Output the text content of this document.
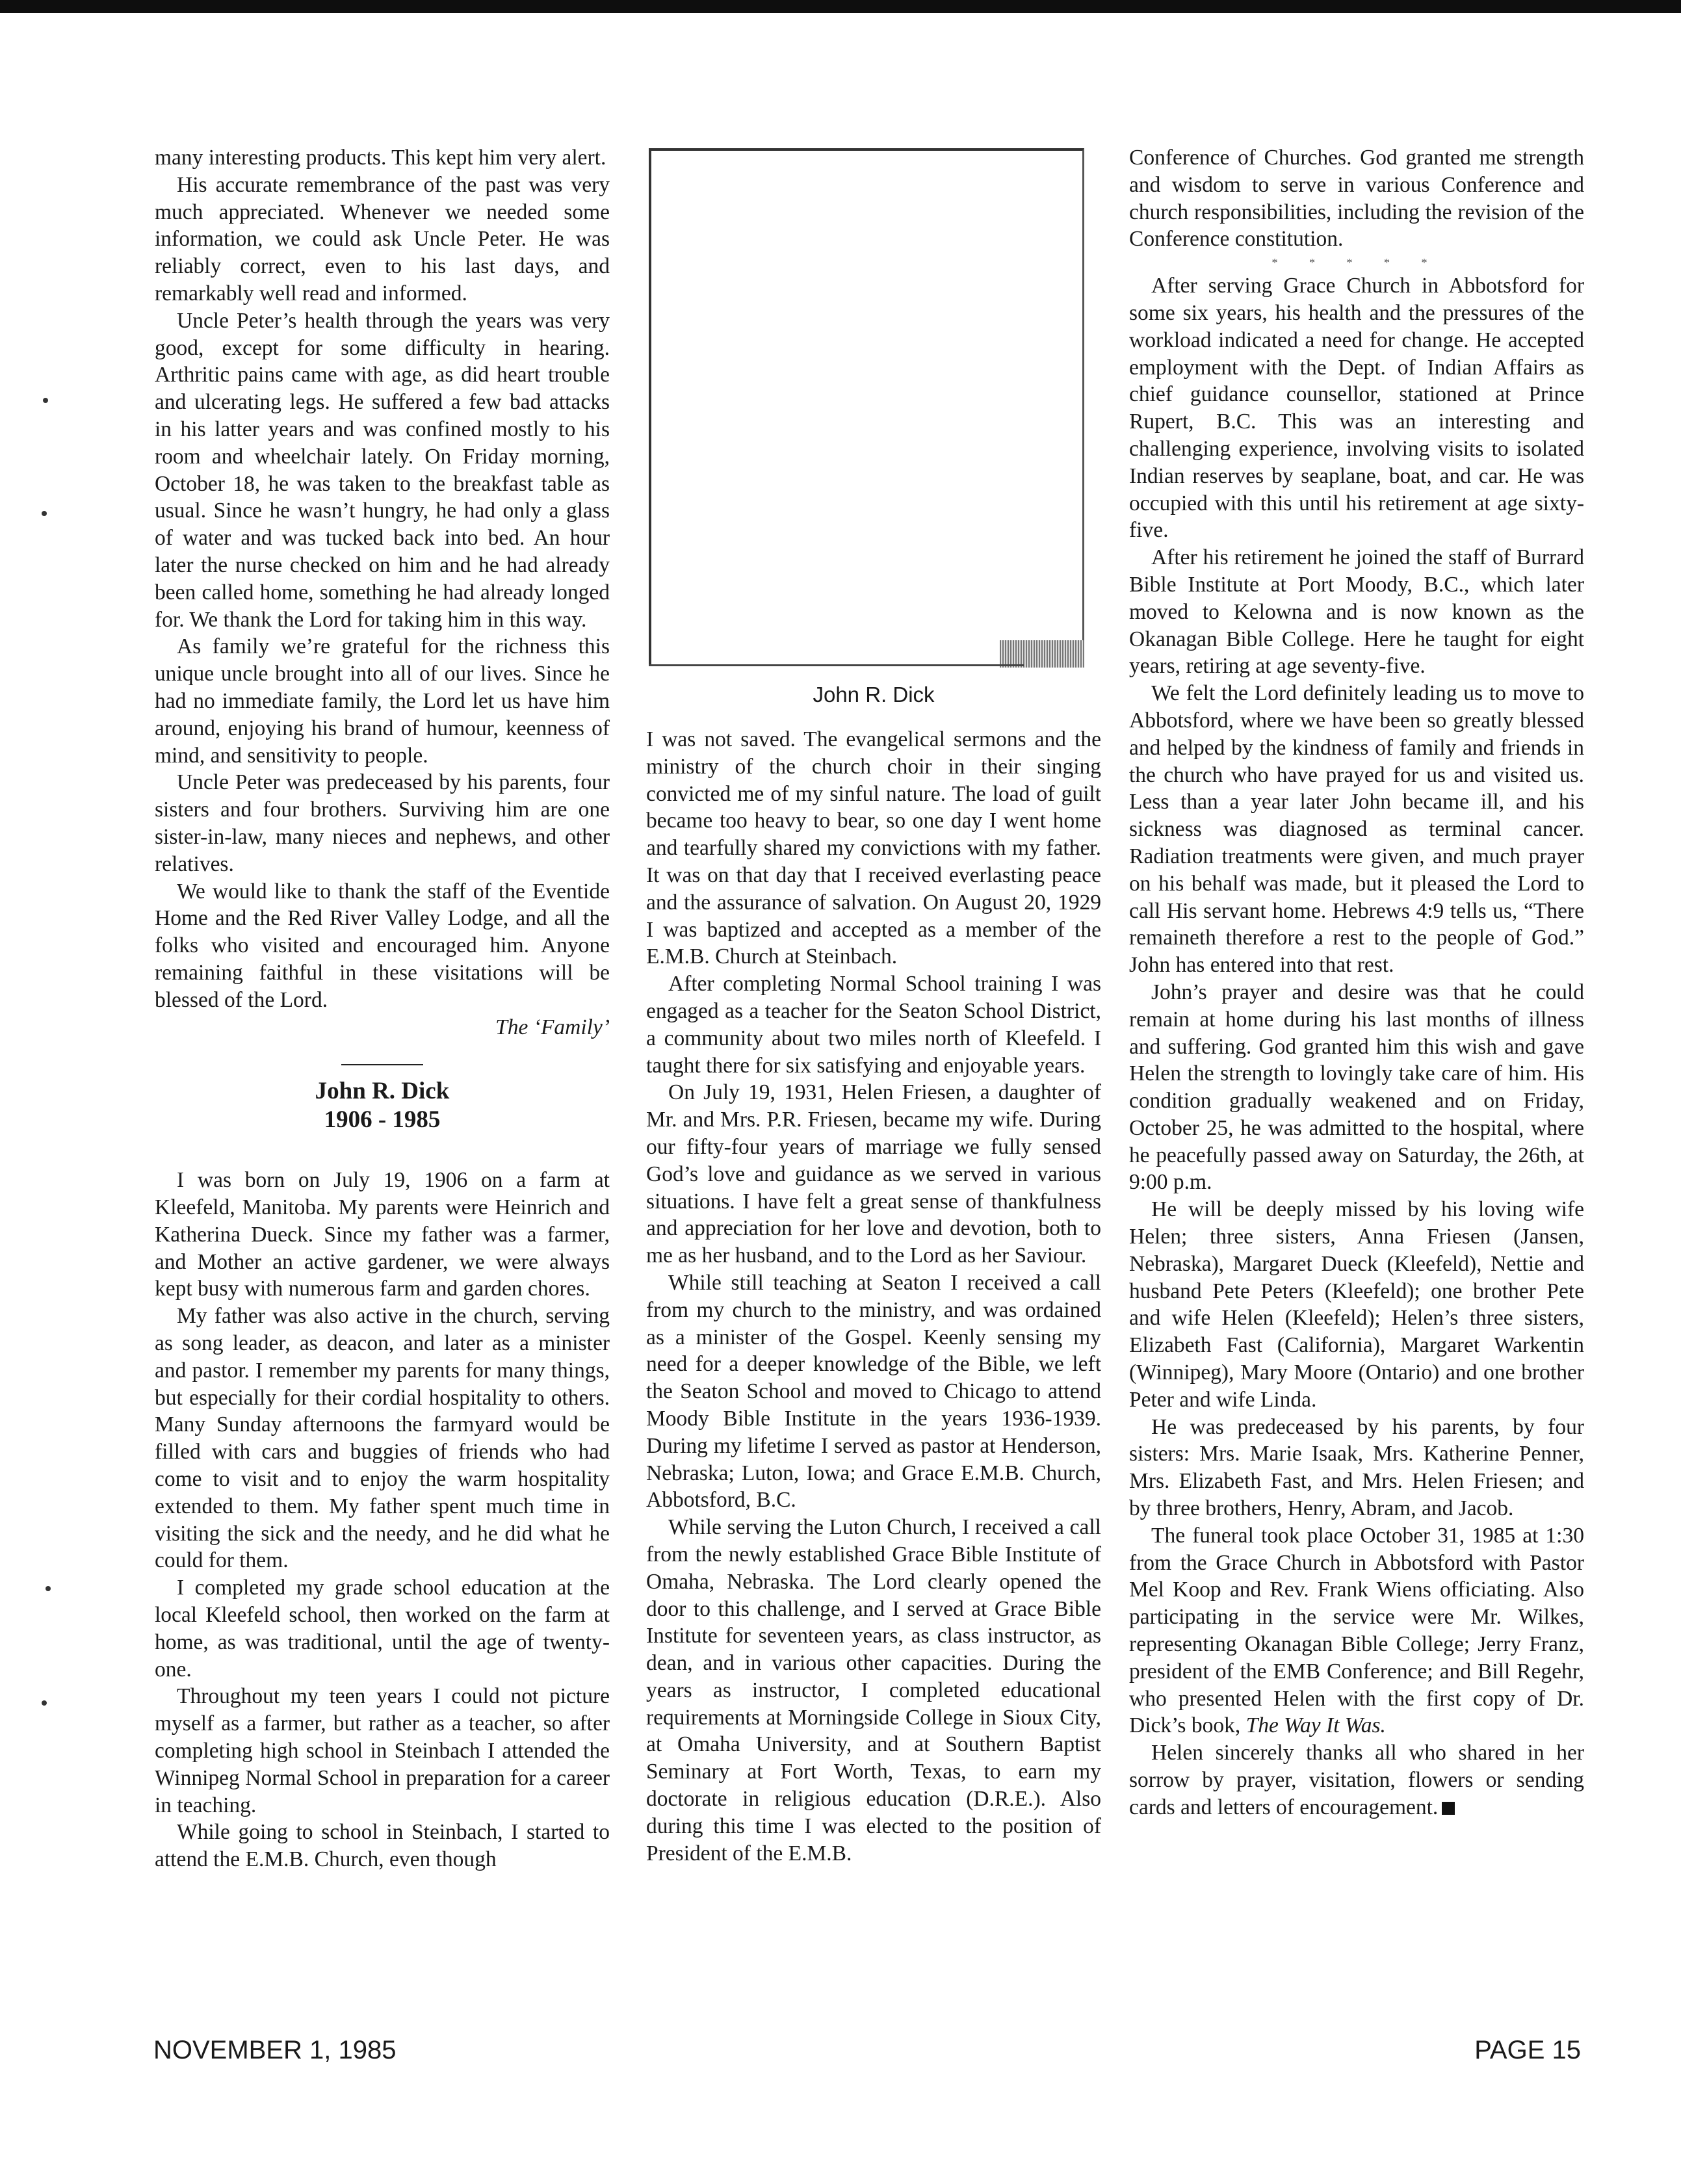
many interesting products. This kept him very alert.

His accurate remembrance of the past was very much appreciated. Whenever we needed some information, we could ask Uncle Peter. He was reliably correct, even to his last days, and remarkably well read and informed.

Uncle Peter’s health through the years was very good, except for some difficulty in hearing. Arthritic pains came with age, as did heart trouble and ulcerating legs. He suffered a few bad attacks in his latter years and was confined mostly to his room and wheelchair lately. On Friday morning, October 18, he was taken to the breakfast table as usual. Since he wasn’t hungry, he had only a glass of water and was tucked back into bed. An hour later the nurse checked on him and he had already been called home, something he had already longed for. We thank the Lord for taking him in this way.

As family we’re grateful for the richness this unique uncle brought into all of our lives. Since he had no immediate family, the Lord let us have him around, enjoying his brand of humour, keenness of mind, and sensitivity to people.

Uncle Peter was predeceased by his parents, four sisters and four brothers. Surviving him are one sister-in-law, many nieces and nephews, and other relatives.

We would like to thank the staff of the Eventide Home and the Red River Valley Lodge, and all the folks who visited and encouraged him. Anyone remaining faithful in these visitations will be blessed of the Lord.

The ‘Family’
John R. Dick
1906 - 1985

I was born on July 19, 1906 on a farm at Kleefeld, Manitoba. My parents were Heinrich and Katherina Dueck. Since my father was a farmer, and Mother an active gardener, we were always kept busy with numerous farm and garden chores.

My father was also active in the church, serving as song leader, as deacon, and later as a minister and pastor. I remember my parents for many things, but especially for their cordial hospitality to others. Many Sunday afternoons the farmyard would be filled with cars and buggies of friends who had come to visit and to enjoy the warm hospitality extended to them. My father spent much time in visiting the sick and the needy, and he did what he could for them.

I completed my grade school education at the local Kleefeld school, then worked on the farm at home, as was traditional, until the age of twenty-one.

Throughout my teen years I could not picture myself as a farmer, but rather as a teacher, so after completing high school in Steinbach I attended the Winnipeg Normal School in preparation for a career in teaching.

While going to school in Steinbach, I started to attend the E.M.B. Church, even though

John R. Dick

I was not saved. The evangelical sermons and the ministry of the church choir in their singing convicted me of my sinful nature. The load of guilt became too heavy to bear, so one day I went home and tearfully shared my convictions with my father. It was on that day that I received everlasting peace and the assurance of salvation. On August 20, 1929 I was baptized and accepted as a member of the E.M.B. Church at Steinbach.

After completing Normal School training I was engaged as a teacher for the Seaton School District, a community about two miles north of Kleefeld. I taught there for six satisfying and enjoyable years.

On July 19, 1931, Helen Friesen, a daughter of Mr. and Mrs. P.R. Friesen, became my wife. During our fifty-four years of marriage we fully sensed God’s love and guidance as we served in various situations. I have felt a great sense of thankfulness and appreciation for her love and devotion, both to me as her husband, and to the Lord as her Saviour.

While still teaching at Seaton I received a call from my church to the ministry, and was ordained as a minister of the Gospel. Keenly sensing my need for a deeper knowledge of the Bible, we left the Seaton School and moved to Chicago to attend Moody Bible Institute in the years 1936-1939. During my lifetime I served as pastor at Henderson, Nebraska; Luton, Iowa; and Grace E.M.B. Church, Abbotsford, B.C.

While serving the Luton Church, I received a call from the newly established Grace Bible Institute of Omaha, Nebraska. The Lord clearly opened the door to this challenge, and I served at Grace Bible Institute for seventeen years, as class instructor, as dean, and in various other capacities. During the years as instructor, I completed educational requirements at Morningside College in Sioux City, at Omaha University, and at Southern Baptist Seminary at Fort Worth, Texas, to earn my doctorate in religious education (D.R.E.). Also during this time I was elected to the position of President of the E.M.B.

Conference of Churches. God granted me strength and wisdom to serve in various Conference and church responsibilities, including the revision of the Conference constitution.

* * * * *

After serving Grace Church in Abbotsford for some six years, his health and the pressures of the workload indicated a need for change. He accepted employment with the Dept. of Indian Affairs as chief guidance counsellor, stationed at Prince Rupert, B.C. This was an interesting and challenging experience, involving visits to isolated Indian reserves by seaplane, boat, and car. He was occupied with this until his retirement at age sixty-five.

After his retirement he joined the staff of Burrard Bible Institute at Port Moody, B.C., which later moved to Kelowna and is now known as the Okanagan Bible College. Here he taught for eight years, retiring at age seventy-five.

We felt the Lord definitely leading us to move to Abbotsford, where we have been so greatly blessed and helped by the kindness of family and friends in the church who have prayed for us and visited us. Less than a year later John became ill, and his sickness was diagnosed as terminal cancer. Radiation treatments were given, and much prayer on his behalf was made, but it pleased the Lord to call His servant home. Hebrews 4:9 tells us, “There remaineth therefore a rest to the people of God.” John has entered into that rest.

John’s prayer and desire was that he could remain at home during his last months of illness and suffering. God granted him this wish and gave Helen the strength to lovingly take care of him. His condition gradually weakened and on Friday, October 25, he was admitted to the hospital, where he peacefully passed away on Saturday, the 26th, at 9:00 p.m.

He will be deeply missed by his loving wife Helen; three sisters, Anna Friesen (Jansen, Nebraska), Margaret Dueck (Kleefeld), Nettie and husband Pete Peters (Kleefeld); one brother Pete and wife Helen (Kleefeld); Helen’s three sisters, Elizabeth Fast (California), Margaret Warkentin (Winnipeg), Mary Moore (Ontario) and one brother Peter and wife Linda.

He was predeceased by his parents, by four sisters: Mrs. Marie Isaak, Mrs. Katherine Penner, Mrs. Elizabeth Fast, and Mrs. Helen Friesen; and by three brothers, Henry, Abram, and Jacob.

The funeral took place October 31, 1985 at 1:30 from the Grace Church in Abbotsford with Pastor Mel Koop and Rev. Frank Wiens officiating. Also participating in the service were Mr. Wilkes, representing Okanagan Bible College; Jerry Franz, president of the EMB Conference; and Bill Regehr, who presented Helen with the first copy of Dr. Dick’s book, The Way It Was.

Helen sincerely thanks all who shared in her sorrow by prayer, visitation, flowers or sending cards and letters of encouragement.

NOVEMBER 1, 1985	PAGE 15
